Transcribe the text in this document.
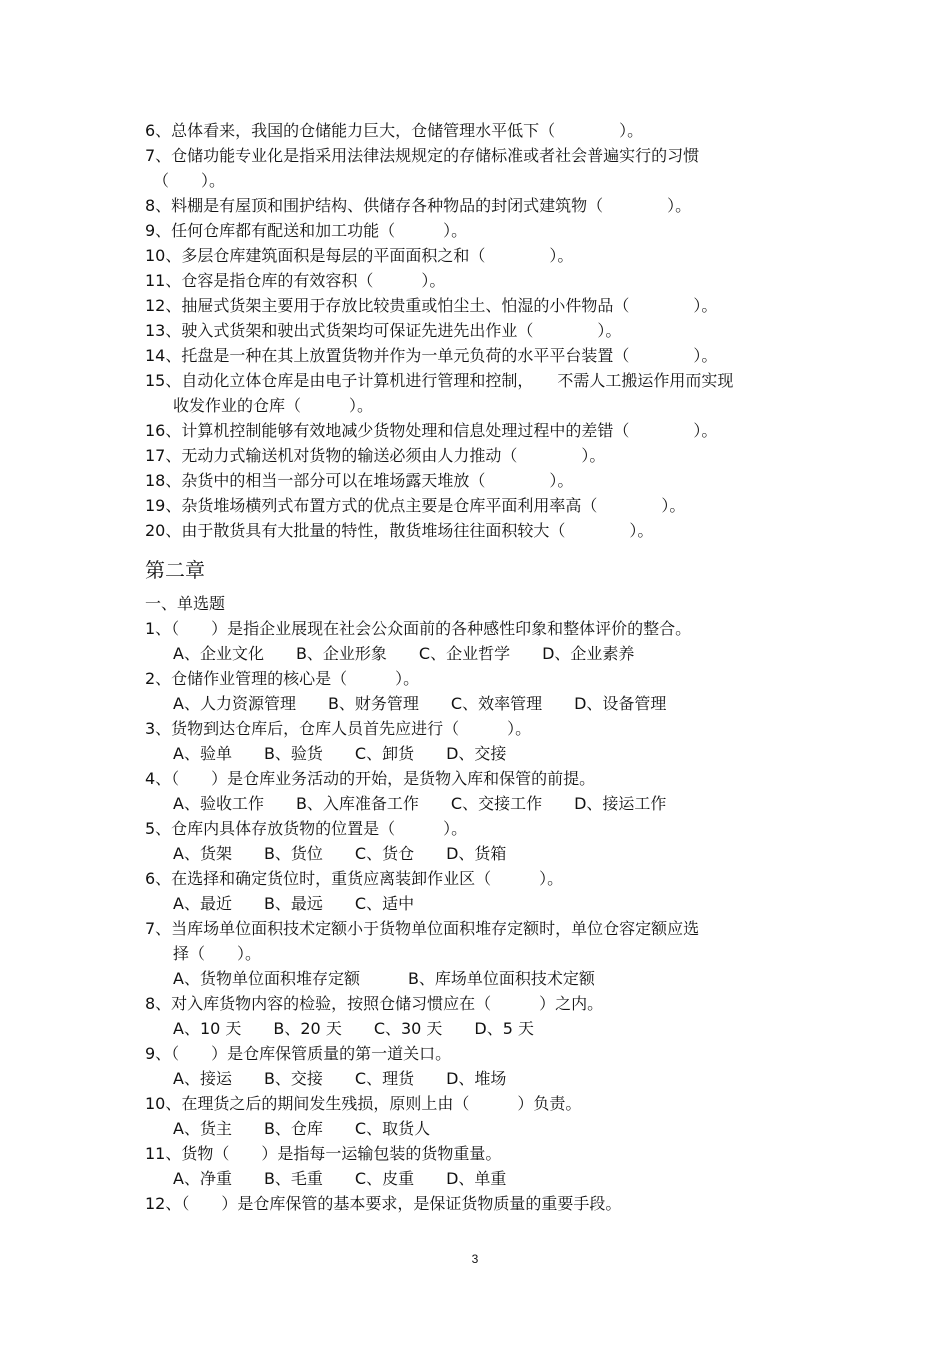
6、总体看来，我国的仓储能力巨大，仓储管理水平低下（　　　　）。
7、仓储功能专业化是指采用法律法规规定的存储标准或者社会普遍实行的习惯
（　　）。
8、料棚是有屋顶和围护结构、供储存各种物品的封闭式建筑物（　　　　）。
9、任何仓库都有配送和加工功能（　　　）。
10、多层仓库建筑面积是每层的平面面积之和（　　　　）。
11、仓容是指仓库的有效容积（　　　）。
12、抽屉式货架主要用于存放比较贵重或怕尘土、怕湿的小件物品（　　　　）。
13、驶入式货架和驶出式货架均可保证先进先出作业（　　　　）。
14、托盘是一种在其上放置货物并作为一单元负荷的水平平台装置（　　　　）。
15、自动化立体仓库是由电子计算机进行管理和控制，　　不需人工搬运作用而实现
收发作业的仓库（　　　）。
16、计算机控制能够有效地减少货物处理和信息处理过程中的差错（　　　　）。
17、无动力式输送机对货物的输送必须由人力推动（　　　　）。
18、杂货中的相当一部分可以在堆场露天堆放（　　　　）。
19、杂货堆场横列式布置方式的优点主要是仓库平面利用率高（　　　　）。
20、由于散货具有大批量的特性，散货堆场往往面积较大（　　　　）。
第二章
一、单选题
1、（　　）是指企业展现在社会公众面前的各种感性印象和整体评价的整合。
A、企业文化　　B、企业形象　　C、企业哲学　　D、企业素养
2、仓储作业管理的核心是（　　　）。
A、人力资源管理　　B、财务管理　　C、效率管理　　D、设备管理
3、货物到达仓库后，仓库人员首先应进行（　　　）。
A、验单　　B、验货　　C、卸货　　D、交接
4、（　　）是仓库业务活动的开始，是货物入库和保管的前提。
A、验收工作　　B、入库准备工作　　C、交接工作　　D、接运工作
5、仓库内具体存放货物的位置是（　　　）。
A、货架　　B、货位　　C、货仓　　D、货箱
6、在选择和确定货位时，重货应离装卸作业区（　　　）。
A、最近　　B、最远　　C、适中
7、当库场单位面积技术定额小于货物单位面积堆存定额时，单位仓容定额应选
择（　　）。
A、货物单位面积堆存定额　　　B、库场单位面积技术定额
8、对入库货物内容的检验，按照仓储习惯应在（　　　）之内。
A、10 天　　B、20 天　　C、30 天　　D、5 天
9、（　　）是仓库保管质量的第一道关口。
A、接运　　B、交接　　C、理货　　D、堆场
10、在理货之后的期间发生残损，原则上由（　　　）负责。
A、货主　　B、仓库　　C、取货人
11、货物（　　）是指每一运输包装的货物重量。
A、净重　　B、毛重　　C、皮重　　D、单重
12、（　　）是仓库保管的基本要求，是保证货物质量的重要手段。
3
